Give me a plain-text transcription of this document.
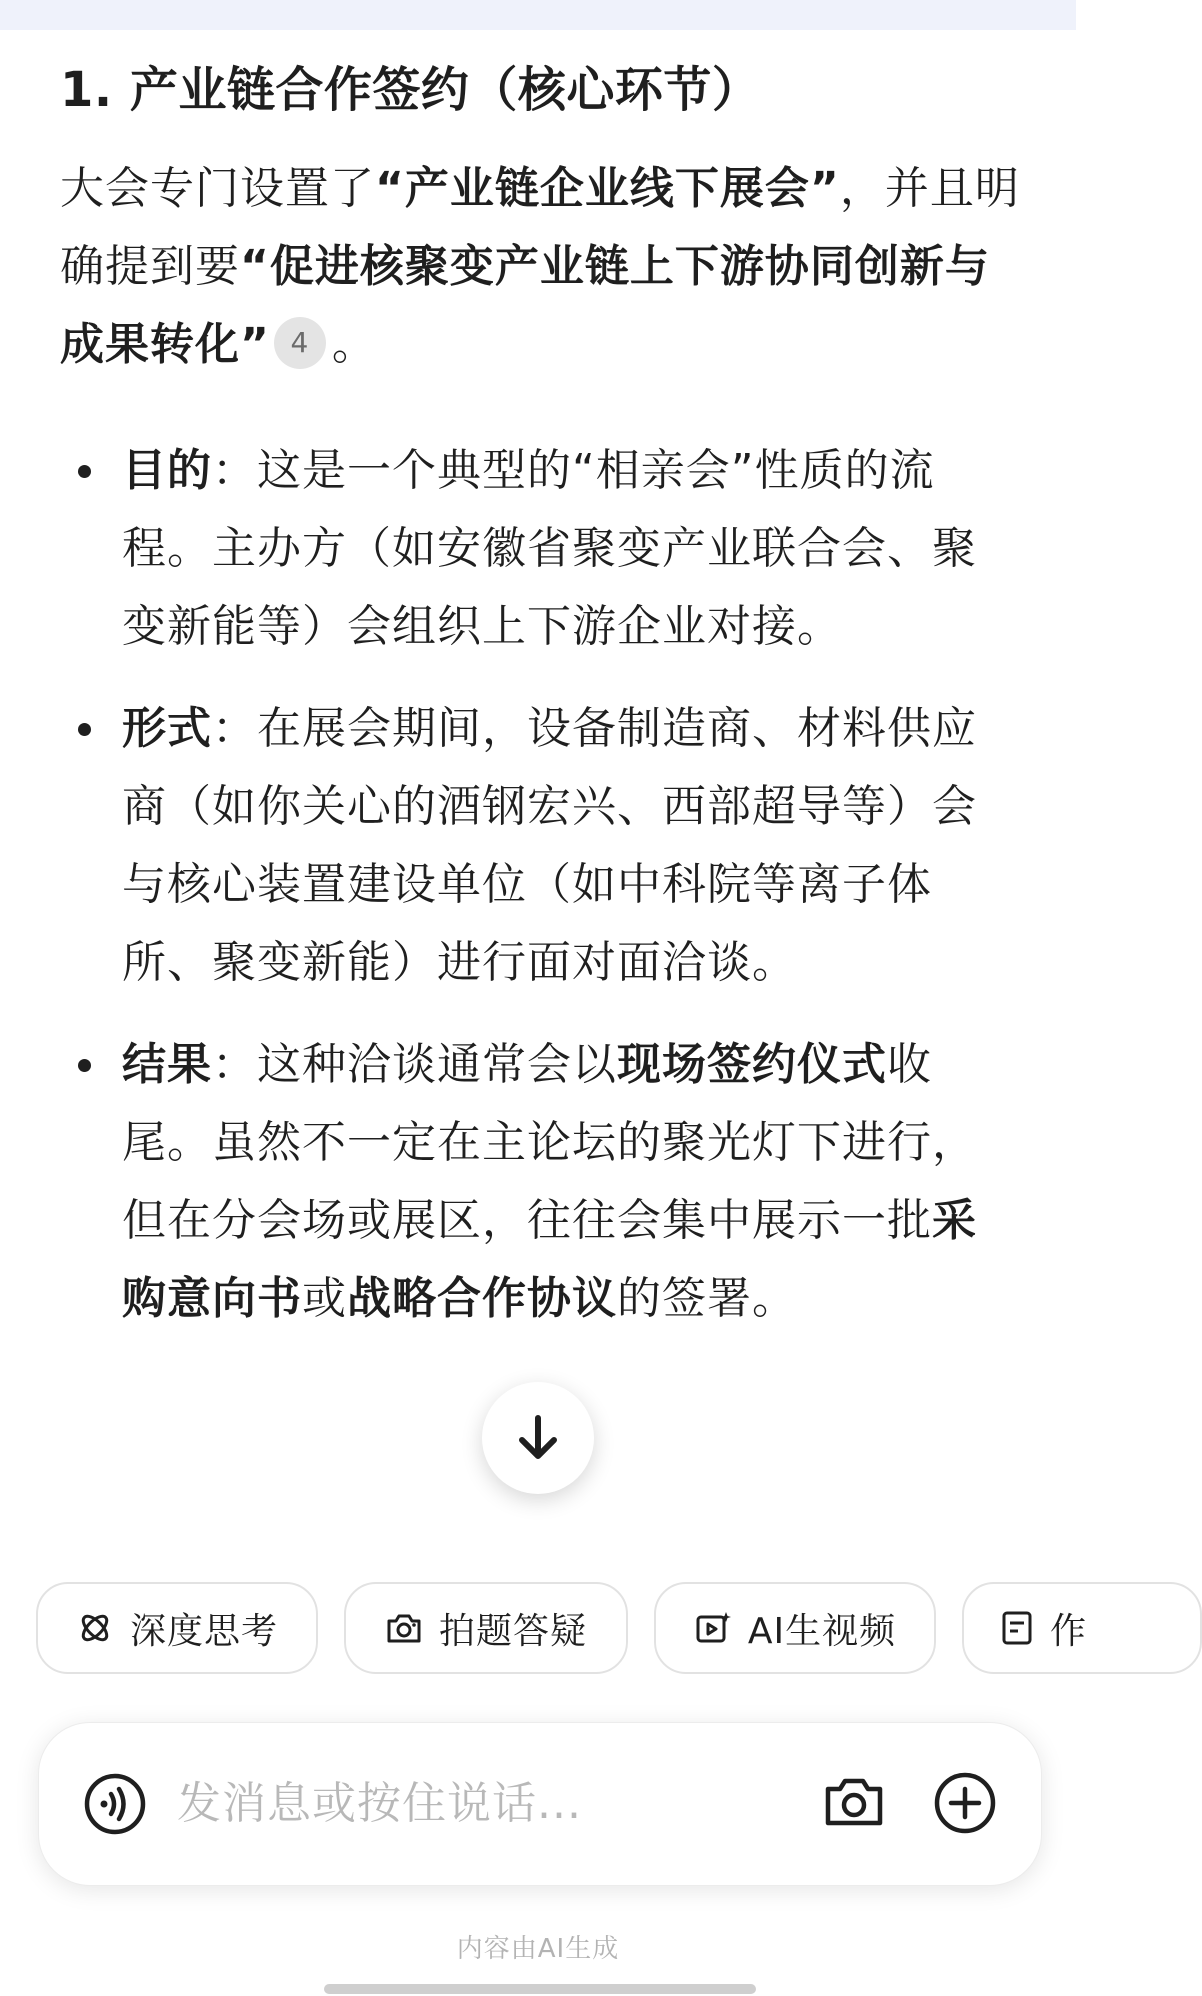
1. 产业链合作签约（核心环节）

大会专门设置了“产业链企业线下展会”，并且明确提到要“促进核聚变产业链上下游协同创新与成果转化” 4 。

目的：这是一个典型的“相亲会”性质的流程。主办方（如安徽省聚变产业联合会、聚变新能等）会组织上下游企业对接。
形式：在展会期间，设备制造商、材料供应商（如你关心的酒钢宏兴、西部超导等）会与核心装置建设单位（如中科院等离子体所、聚变新能）进行面对面洽谈。
结果：这种洽谈通常会以现场签约仪式收尾。虽然不一定在主论坛的聚光灯下进行，但在分会场或展区，往往会集中展示一批采购意向书或战略合作协议的签署。
深度思考	拍题答疑	AI生视频	作
发消息或按住说话...
内容由AI生成
